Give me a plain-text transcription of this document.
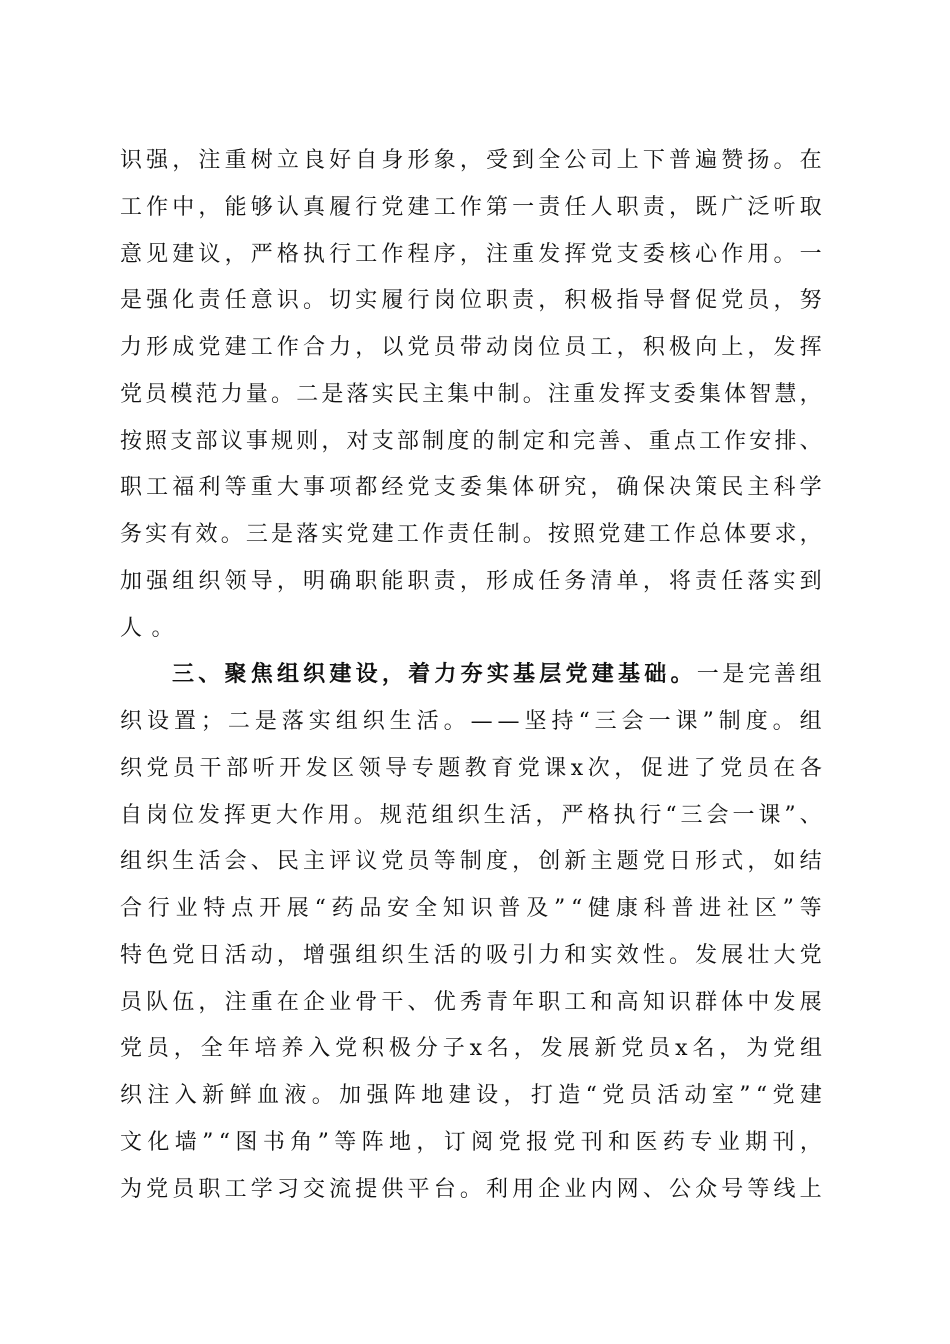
识 强 ， 注 重 树 立 良 好 自 身 形 象 ， 受 到 全 公 司 上 下 普 遍 赞 扬 。 在
工 作 中 ， 能 够 认 真 履 行 党 建 工 作 第 一 责 任 人 职 责 ， 既 广 泛 听 取
意 见 建 议 ， 严 格 执 行 工 作 程 序 ， 注 重 发 挥 党 支 委 核 心 作 用 。 一
是 强 化 责 任 意 识 。 切 实 履 行 岗 位 职 责 ， 积 极 指 导 督 促 党 员 ， 努
力 形 成 党 建 工 作 合 力 ， 以 党 员 带 动 岗 位 员 工 ， 积 极 向 上 ， 发 挥
党 员 模 范 力 量 。 二 是 落 实 民 主 集 中 制 。 注 重 发 挥 支 委 集 体 智 慧 ，
按 照 支 部 议 事 规 则 ， 对 支 部 制 度 的 制 定 和 完 善 、 重 点 工 作 安 排 、
职 工 福 利 等 重 大 事 项 都 经 党 支 委 集 体 研 究 ， 确 保 决 策 民 主 科 学
务 实 有 效 。 三 是 落 实 党 建 工 作 责 任 制 。 按 照 党 建 工 作 总 体 要 求 ，
加 强 组 织 领 导 ， 明 确 职 能 职 责 ， 形 成 任 务 清 单 ， 将 责 任 落 实 到
人。
三 、 聚 焦 组 织 建 设 ， 着 力 夯 实 基 层 党 建 基 础 。 一 是 完 善 组
织 设 置 ； 二 是 落 实 组 织 生 活 。 — — 坚 持 “ 三 会 一 课 ” 制 度 。 组
织 党 员 干 部 听 开 发 区 领 导 专 题 教 育 党 课 x 次 ， 促 进 了 党 员 在 各
自 岗 位 发 挥 更 大 作 用 。 规 范 组 织 生 活 ， 严 格 执 行 “ 三 会 一 课 ” 、
组 织 生 活 会 、 民 主 评 议 党 员 等 制 度 ， 创 新 主 题 党 日 形 式 ， 如 结
合 行 业 特 点 开 展 “ 药 品 安 全 知 识 普 及 ” “ 健 康 科 普 进 社 区 ” 等
特 色 党 日 活 动 ， 增 强 组 织 生 活 的 吸 引 力 和 实 效 性 。 发 展 壮 大 党
员 队 伍 ， 注 重 在 企 业 骨 干 、 优 秀 青 年 职 工 和 高 知 识 群 体 中 发 展
党 员 ， 全 年 培 养 入 党 积 极 分 子 x 名 ， 发 展 新 党 员 x 名 ， 为 党 组
织 注 入 新 鲜 血 液 。 加 强 阵 地 建 设 ， 打 造 “ 党 员 活 动 室 ” “ 党 建
文 化 墙 ” “ 图 书 角 ” 等 阵 地 ， 订 阅 党 报 党 刊 和 医 药 专 业 期 刊 ，
为 党 员 职 工 学 习 交 流 提 供 平 台 。 利 用 企 业 内 网 、 公 众 号 等 线 上
